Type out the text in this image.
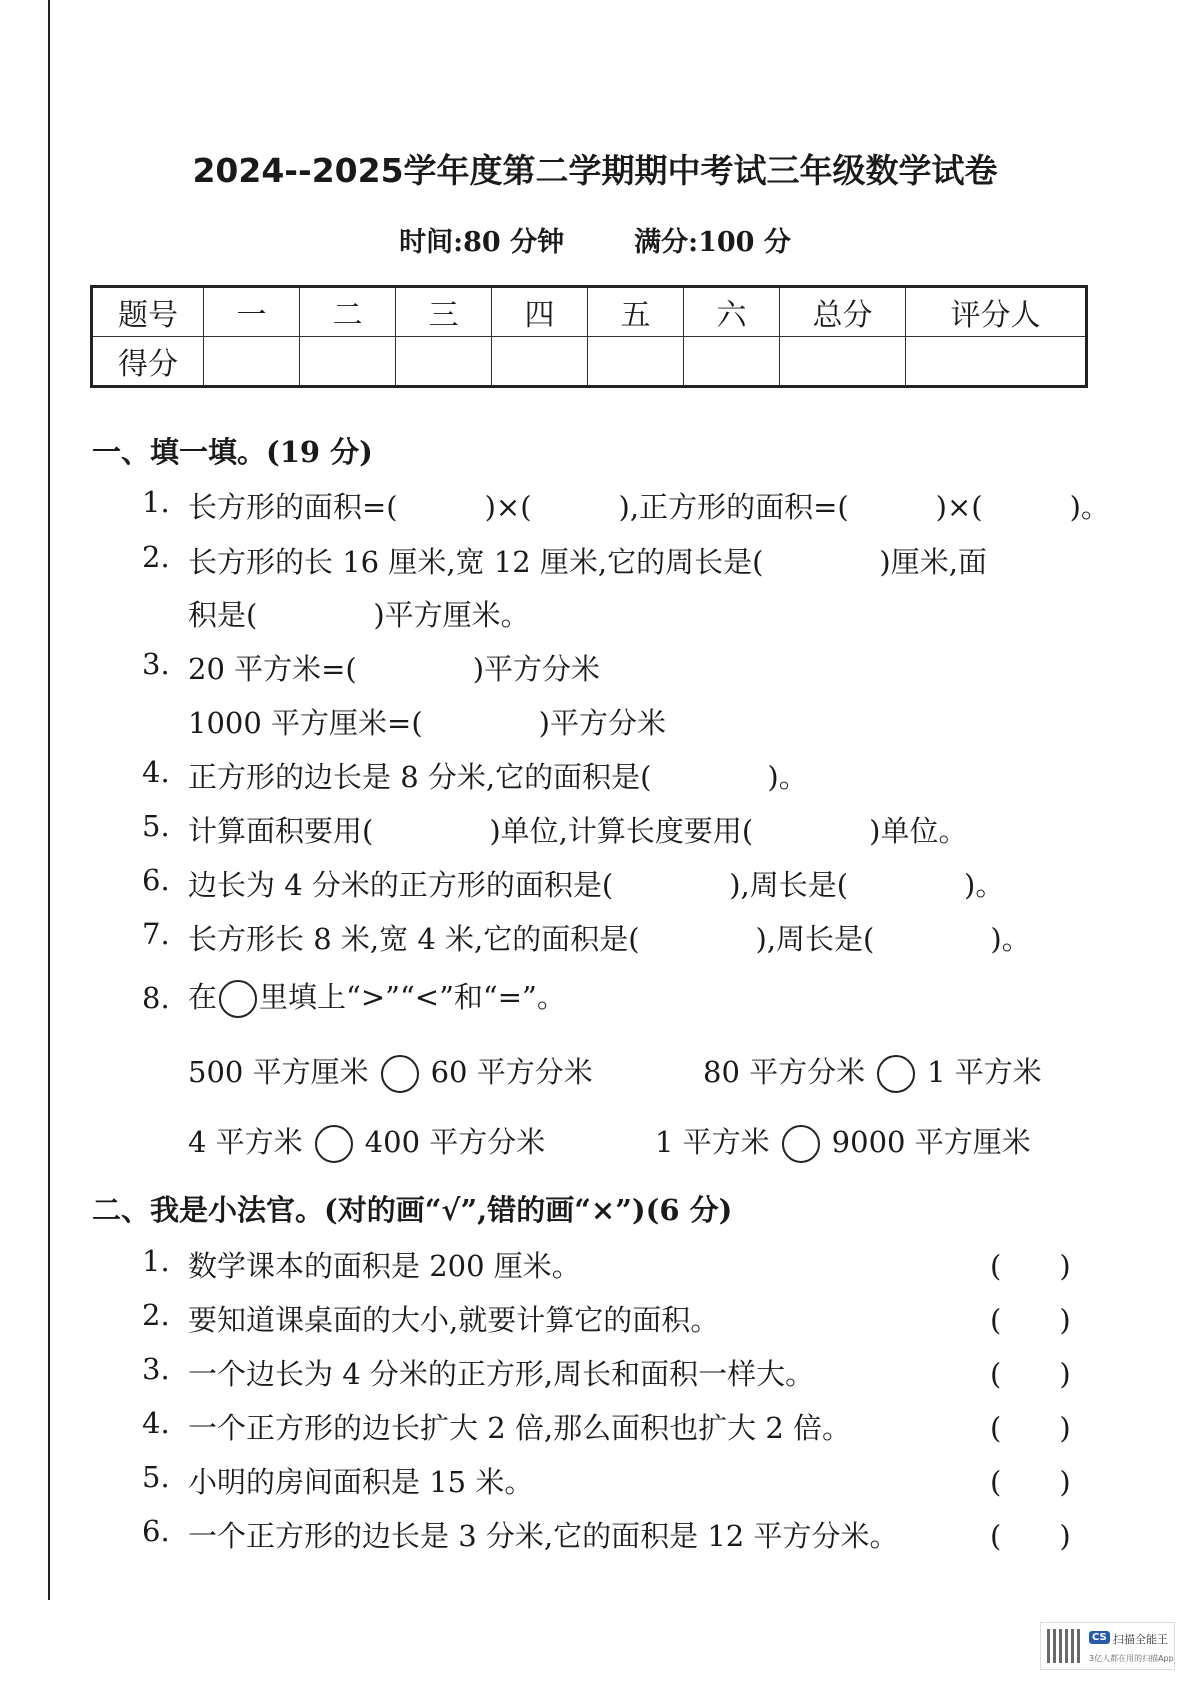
2024--2025学年度第二学期期中考试三年级数学试卷
时间:80 分钟	满分:100 分
题号	一	二	三	四	五	六	总分	评分人
得分								
一、填一填。(19 分)
1. 长方形的面积=(　　　)×(　　　),正方形的面积=(　　　)×(　　　)。
2. 长方形的长 16 厘米,宽 12 厘米,它的周长是(　　　　)厘米,面
积是(　　　　)平方厘米。
3. 20 平方米=(　　　　)平方分米
1000 平方厘米=(　　　　)平方分米
4. 正方形的边长是 8 分米,它的面积是(　　　　)。
5. 计算面积要用(　　　　)单位,计算长度要用(　　　　)单位。
6. 边长为 4 分米的正方形的面积是(　　　　),周长是(　　　　)。
7. 长方形长 8 米,宽 4 米,它的面积是(　　　　),周长是(　　　　)。
8. 在 里填上“>”“<”和“=”。
500 平方厘米 60 平方分米	80 平方分米 1 平方米
4 平方米 400 平方分米	1 平方米 9000 平方厘米
二、我是小法官。(对的画“√”,错的画“×”)(6 分)
1. 数学课本的面积是 200 厘米。	(　　)
2. 要知道课桌面的大小,就要计算它的面积。	(　　)
3. 一个边长为 4 分米的正方形,周长和面积一样大。	(　　)
4. 一个正方形的边长扩大 2 倍,那么面积也扩大 2 倍。	(　　)
5. 小明的房间面积是 15 米。	(　　)
6. 一个正方形的边长是 3 分米,它的面积是 12 平方分米。	(　　)
CS 扫描全能王
3亿人都在用的扫描App
